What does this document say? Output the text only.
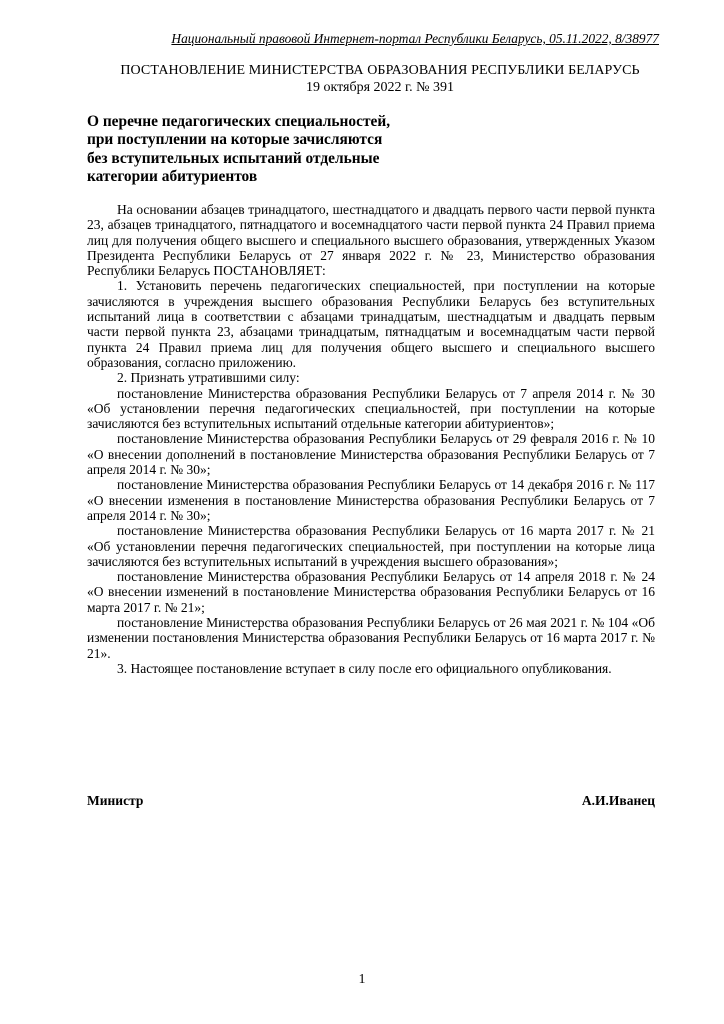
Национальный правовой Интернет-портал Республики Беларусь, 05.11.2022, 8/38977
ПОСТАНОВЛЕНИЕ МИНИСТЕРСТВА ОБРАЗОВАНИЯ РЕСПУБЛИКИ БЕЛАРУСЬ
19 октября 2022 г. № 391
О перечне педагогических специальностей,
при поступлении на которые зачисляются
без вступительных испытаний отдельные
категории абитуриентов

На основании абзацев тринадцатого, шестнадцатого и двадцать первого части первой пункта 23, абзацев тринадцатого, пятнадцатого и восемнадцатого части первой пункта 24 Правил приема лиц для получения общего высшего и специального высшего образования, утвержденных Указом Президента Республики Беларусь от 27 января 2022 г. № 23, Министерство образования Республики Беларусь ПОСТАНОВЛЯЕТ:

1. Установить перечень педагогических специальностей, при поступлении на которые зачисляются в учреждения высшего образования Республики Беларусь без вступительных испытаний лица в соответствии с абзацами тринадцатым, шестнадцатым и двадцать первым части первой пункта 23, абзацами тринадцатым, пятнадцатым и восемнадцатым части первой пункта 24 Правил приема лиц для получения общего высшего и специального высшего образования, согласно приложению.

2. Признать утратившими силу:

постановление Министерства образования Республики Беларусь от 7 апреля 2014 г. № 30 «Об установлении перечня педагогических специальностей, при поступлении на которые зачисляются без вступительных испытаний отдельные категории абитуриентов»;

постановление Министерства образования Республики Беларусь от 29 февраля 2016 г. № 10 «О внесении дополнений в постановление Министерства образования Республики Беларусь от 7 апреля 2014 г. № 30»;

постановление Министерства образования Республики Беларусь от 14 декабря 2016 г. № 117 «О внесении изменения в постановление Министерства образования Республики Беларусь от 7 апреля 2014 г. № 30»;

постановление Министерства образования Республики Беларусь от 16 марта 2017 г. № 21 «Об установлении перечня педагогических специальностей, при поступлении на которые лица зачисляются без вступительных испытаний в учреждения высшего образования»;

постановление Министерства образования Республики Беларусь от 14 апреля 2018 г. № 24 «О внесении изменений в постановление Министерства образования Республики Беларусь от 16 марта 2017 г. № 21»;

постановление Министерства образования Республики Беларусь от 26 мая 2021 г. № 104 «Об изменении постановления Министерства образования Республики Беларусь от 16 марта 2017 г. № 21».

3. Настоящее постановление вступает в силу после его официального опубликования.

Министр	А.И.Иванец
1
